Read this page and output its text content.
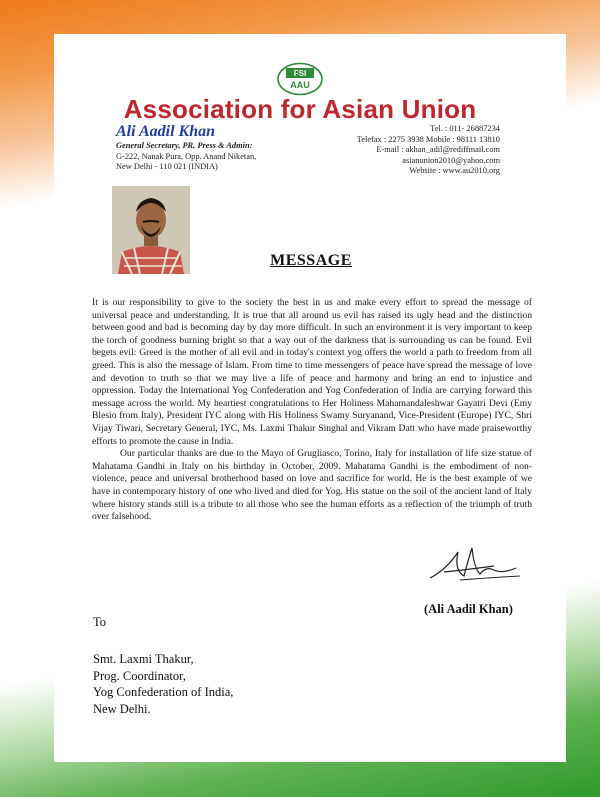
FSI
AAU
Association for Asian Union
Ali Aadil Khan
General Secretary, PR, Press & Admin:
G-222, Nanak Pura, Opp. Anand Niketan,
New Delhi - 110 021 (INDIA)
Tel. : 011- 26887234
Telefax : 2275 3938 Mobile : 98111 13810
E-mail : akhan_adil@rediffmail.com
asianunion2010@yahoo.com
Website : www.au2010.org
MESSAGE

It is our responsibility to give to the society the best in us and make every effort to spread the message of universal peace and understanding. It is true that all around us evil has raised its ugly head and the distinction between good and bad is becoming day by day more difficult. In such an environment it is very important to keep the torch of goodness burning bright so that a way out of the darkness that is surrounding us can be found. Evil begets evil: Greed is the mother of all evil and in today's context yog offers the world a path to freedom from all greed. This is also the message of Islam. From time to time messengers of peace have spread the message of love and devotion to truth so that we may live a life of peace and harmony and bring an end to injustice and oppression. Today the International Yog Confederation and Yog Confederation of India are carrying forward this message across the world. My heartiest congratulations to Her Holiness Mahamandaleshwar Gayatri Devi (Emy Blesio from Italy), President IYC along with His Holiness Swamy Suryanand, Vice-President (Europe) IYC, Shri Vijay Tiwari, Secretary General, IYC, Ms. Laxmi Thakur Singhal and Vikram Datt who have made praiseworthy efforts to promote the cause in India.

Our particular thanks are due to the Mayo of Grugliasco, Torino, Italy for installation of life size statue of Mahatama Gandhi in Italy on his birthday in October, 2009. Mahatama Gandhi is the embodiment of non-violence, peace and universal brotherhood based on love and sacrifice for world. He is the best example of we have in contemporary history of one who lived and died for Yog. His statue on the soil of the ancient land of Italy where history stands still is a tribute to all those who see the human efforts as a reflection of the triumph of truth over falsehood.

(Ali Aadil Khan)
To
Smt. Laxmi Thakur,
Prog. Coordinator,
Yog Confederation of India,
New Delhi.
